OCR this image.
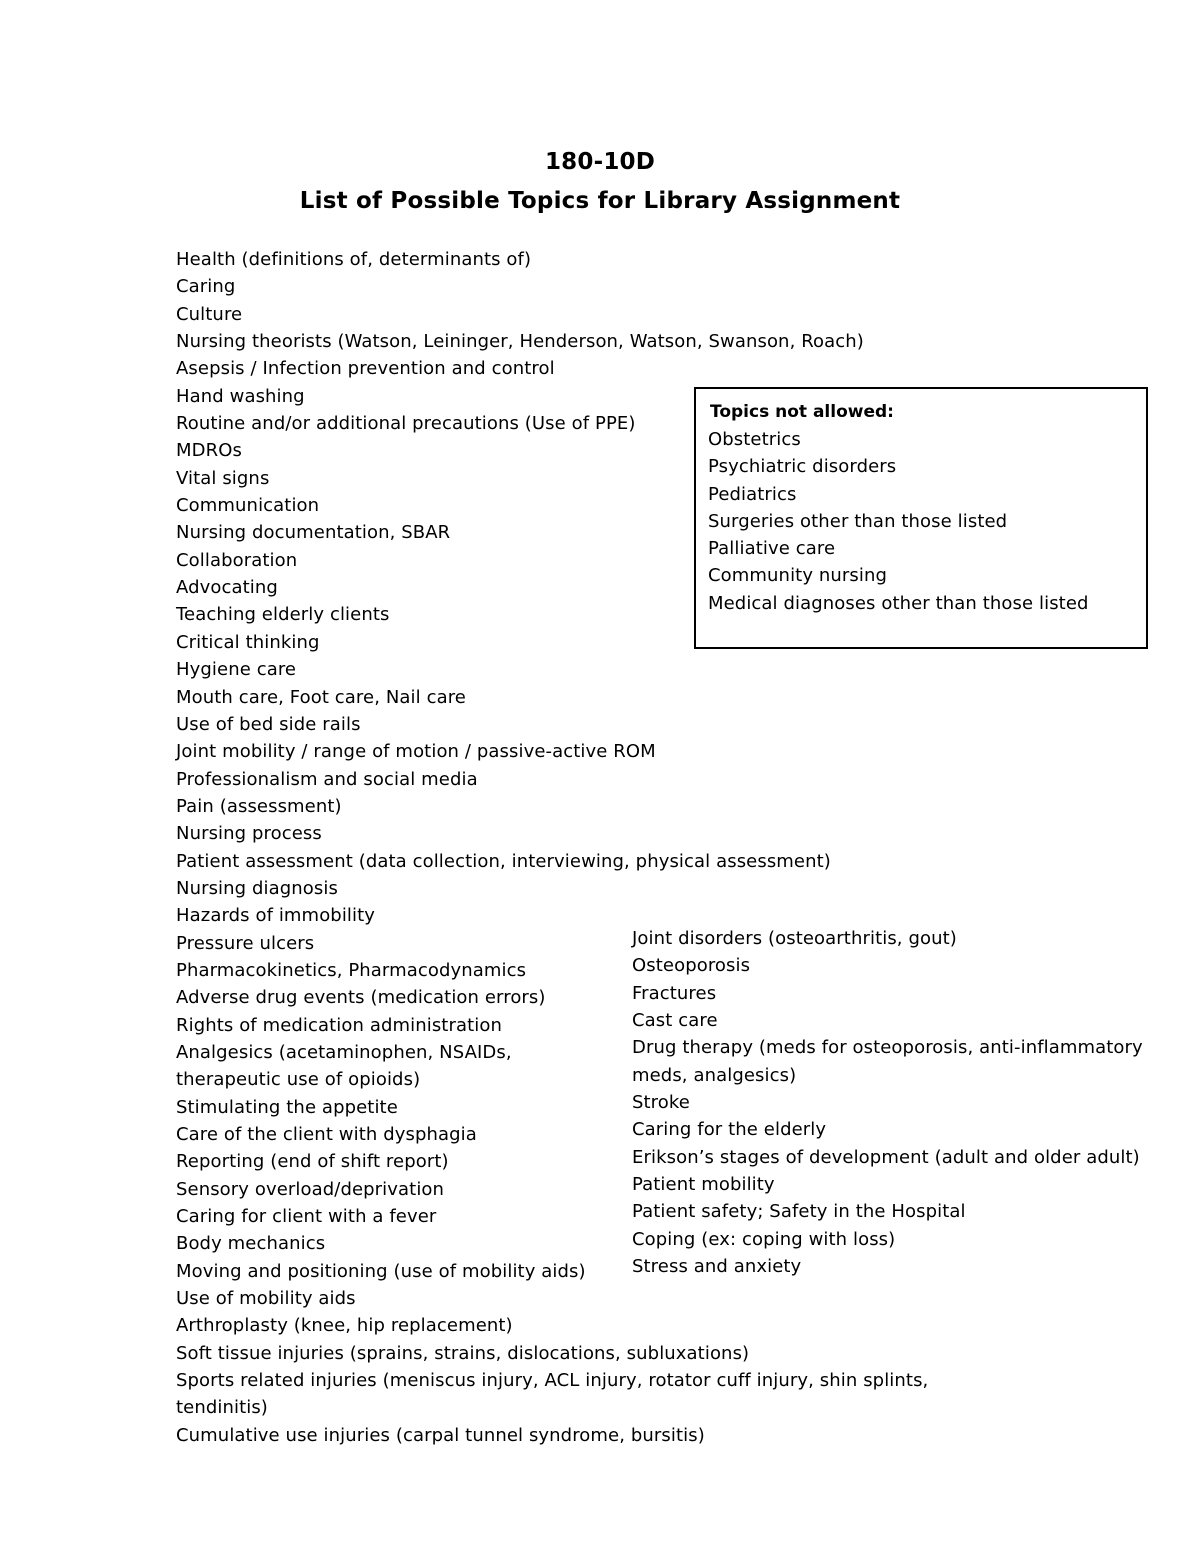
180-10D
List of Possible Topics for Library Assignment
Health (definitions of, determinants of)
Caring
Culture
Nursing theorists (Watson, Leininger, Henderson, Watson, Swanson, Roach)
Asepsis / Infection prevention and control
Hand washing
Routine and/or additional precautions (Use of PPE)
MDROs
Vital signs
Communication
Nursing documentation, SBAR
Collaboration
Advocating
Teaching elderly clients
Critical thinking
Hygiene care
Mouth care, Foot care, Nail care
Use of bed side rails
Joint mobility / range of motion / passive-active ROM
Professionalism and social media
Pain (assessment)
Nursing process
Patient assessment (data collection, interviewing, physical assessment)
Nursing diagnosis
Hazards of immobility
Pressure ulcers
Pharmacokinetics, Pharmacodynamics
Adverse drug events (medication errors)
Rights of medication administration
Analgesics (acetaminophen, NSAIDs,
therapeutic use of opioids)
Stimulating the appetite
Care of the client with dysphagia
Reporting (end of shift report)
Sensory overload/deprivation
Caring for client with a fever
Body mechanics
Moving and positioning (use of mobility aids)
Use of mobility aids
Arthroplasty (knee, hip replacement)
Soft tissue injuries (sprains, strains, dislocations, subluxations)
Sports related injuries (meniscus injury, ACL injury, rotator cuff injury, shin splints,
tendinitis)
Cumulative use injuries (carpal tunnel syndrome, bursitis)
Joint disorders (osteoarthritis, gout)
Osteoporosis
Fractures
Cast care
Drug therapy (meds for osteoporosis, anti-inflammatory
meds, analgesics)
Stroke
Caring for the elderly
Erikson’s stages of development (adult and older adult)
Patient mobility
Patient safety; Safety in the Hospital
Coping (ex: coping with loss)
Stress and anxiety
Topics not allowed:
Obstetrics
Psychiatric disorders
Pediatrics
Surgeries other than those listed
Palliative care
Community nursing
Medical diagnoses other than those listed
